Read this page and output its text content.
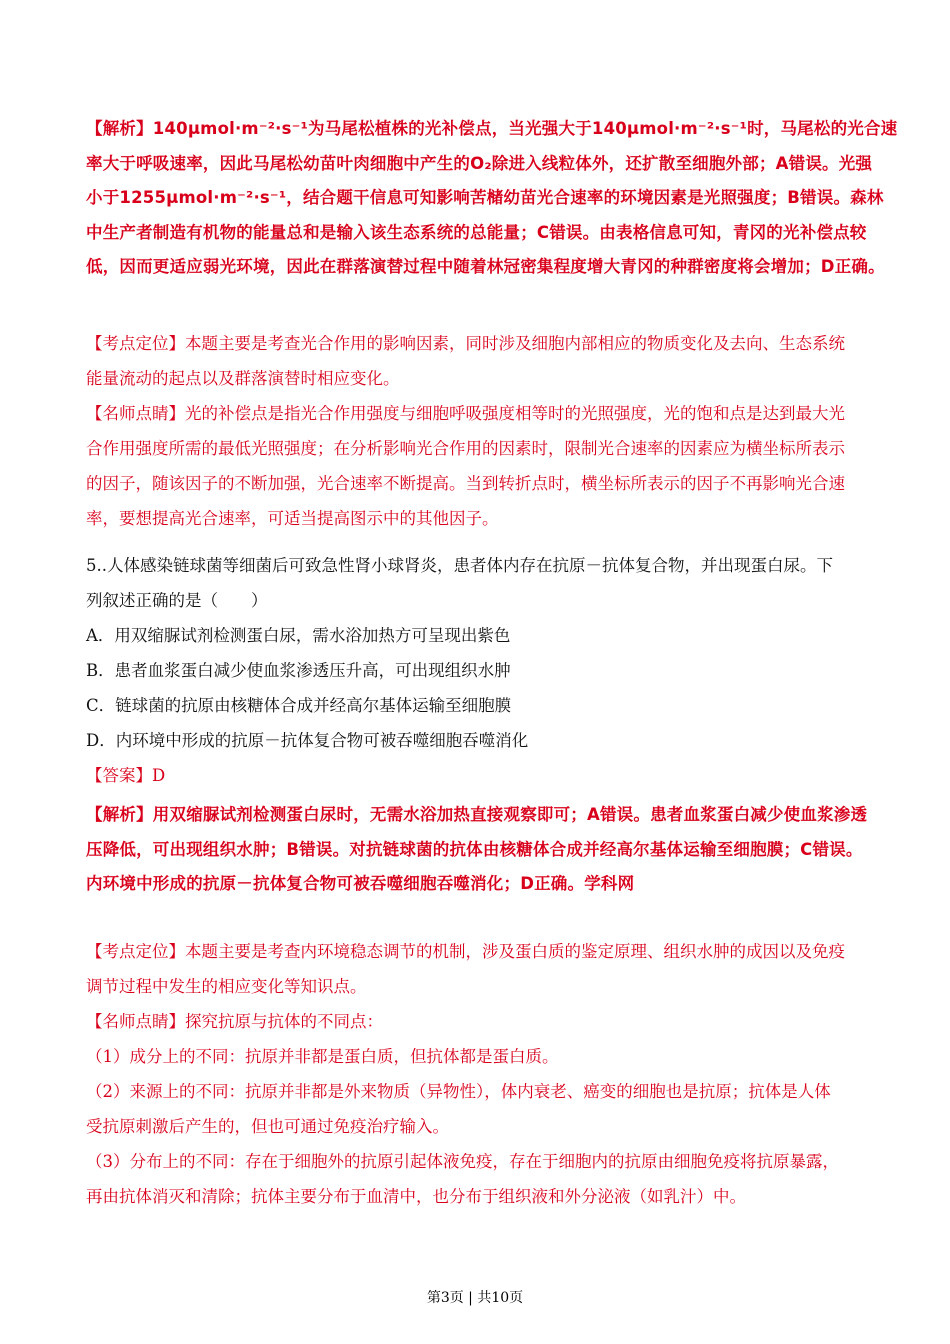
【解析】140μmol·m⁻²·s⁻¹为马尾松植株的光补偿点，当光强大于140μmol·m⁻²·s⁻¹时，马尾松的光合速
率大于呼吸速率，因此马尾松幼苗叶肉细胞中产生的O₂除进入线粒体外，还扩散至细胞外部；A错误。光强
小于1255μmol·m⁻²·s⁻¹，结合题干信息可知影响苦槠幼苗光合速率的环境因素是光照强度；B错误。森林
中生产者制造有机物的能量总和是输入该生态系统的总能量；C错误。由表格信息可知，青冈的光补偿点较
低，因而更适应弱光环境，因此在群落演替过程中随着林冠密集程度增大青冈的种群密度将会增加；D正确。
【考点定位】本题主要是考查光合作用的影响因素，同时涉及细胞内部相应的物质变化及去向、生态系统
能量流动的起点以及群落演替时相应变化。
【名师点睛】光的补偿点是指光合作用强度与细胞呼吸强度相等时的光照强度，光的饱和点是达到最大光
合作用强度所需的最低光照强度；在分析影响光合作用的因素时，限制光合速率的因素应为横坐标所表示
的因子，随该因子的不断加强，光合速率不断提高。当到转折点时，横坐标所表示的因子不再影响光合速
率，要想提高光合速率，可适当提高图示中的其他因子。
5..人体感染链球菌等细菌后可致急性肾小球肾炎，患者体内存在抗原－抗体复合物，并出现蛋白尿。下
列叙述正确的是（　　）
A．用双缩脲试剂检测蛋白尿，需水浴加热方可呈现出紫色
B．患者血浆蛋白减少使血浆渗透压升高，可出现组织水肿
C．链球菌的抗原由核糖体合成并经高尔基体运输至细胞膜
D．内环境中形成的抗原－抗体复合物可被吞噬细胞吞噬消化
【答案】D
【解析】用双缩脲试剂检测蛋白尿时，无需水浴加热直接观察即可；A错误。患者血浆蛋白减少使血浆渗透
压降低，可出现组织水肿；B错误。对抗链球菌的抗体由核糖体合成并经高尔基体运输至细胞膜；C错误。
内环境中形成的抗原－抗体复合物可被吞噬细胞吞噬消化；D正确。学科网
【考点定位】本题主要是考查内环境稳态调节的机制，涉及蛋白质的鉴定原理、组织水肿的成因以及免疫
调节过程中发生的相应变化等知识点。
【名师点睛】探究抗原与抗体的不同点：
（1）成分上的不同：抗原并非都是蛋白质，但抗体都是蛋白质。
（2）来源上的不同：抗原并非都是外来物质（异物性），体内衰老、癌变的细胞也是抗原；抗体是人体
受抗原刺激后产生的，但也可通过免疫治疗输入。
（3）分布上的不同：存在于细胞外的抗原引起体液免疫，存在于细胞内的抗原由细胞免疫将抗原暴露，
再由抗体消灭和清除；抗体主要分布于血清中，也分布于组织液和外分泌液（如乳汁）中。
第3页 | 共10页
